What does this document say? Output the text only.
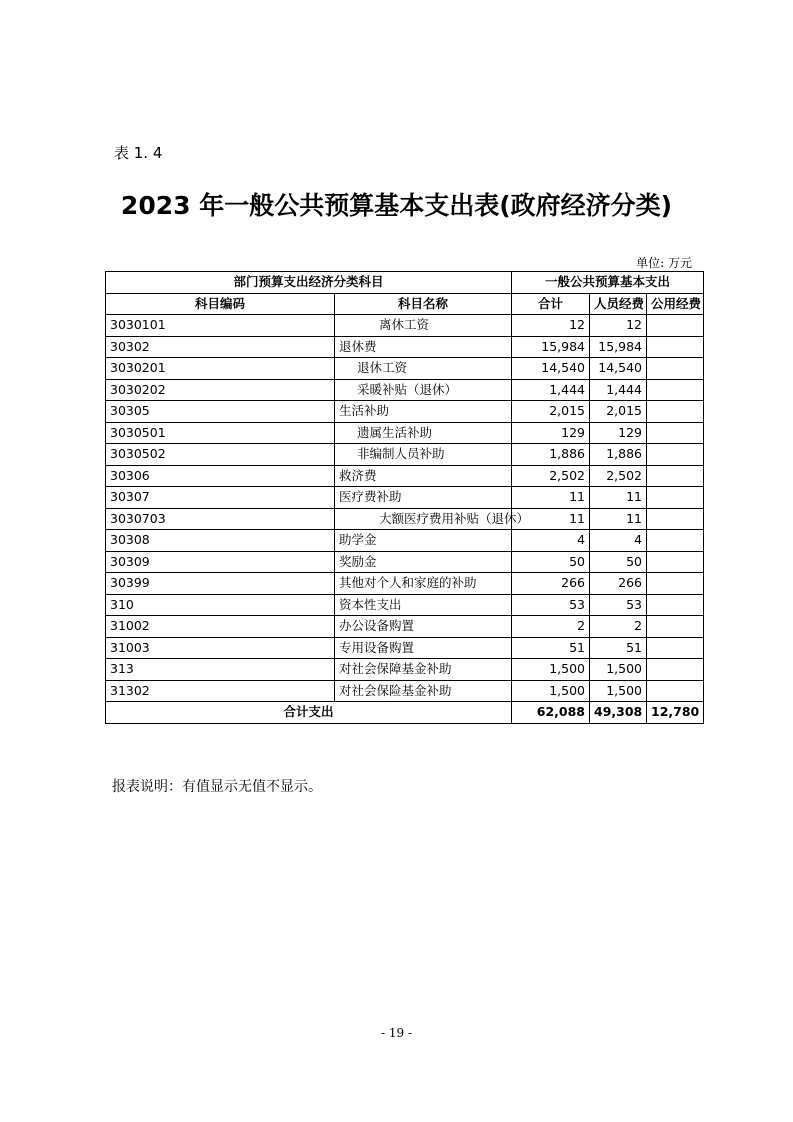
表 1. 4
2023 年一般公共预算基本支出表(政府经济分类)
单位: 万元
部门预算支出经济分类科目		一般公共预算基本支出		
科目编码	科目名称	合计	人员经费	公用经费
3030101	离休工资	12	12	
30302	退休费	15,984	15,984	
3030201	退休工资	14,540	14,540	
3030202	采暖补贴（退休）	1,444	1,444	
30305	生活补助	2,015	2,015	
3030501	遗属生活补助	129	129	
3030502	非编制人员补助	1,886	1,886	
30306	救济费	2,502	2,502	
30307	医疗费补助	11	11	
3030703	大额医疗费用补贴（退休）	11	11	
30308	助学金	4	4	
30309	奖励金	50	50	
30399	其他对个人和家庭的补助	266	266	
310	资本性支出	53	53	
31002	办公设备购置	2	2	
31003	专用设备购置	51	51	
313	对社会保障基金补助	1,500	1,500	
31302	对社会保险基金补助	1,500	1,500	
合计支出		62,088	49,308	12,780
报表说明：有值显示无值不显示。
- 19 -
